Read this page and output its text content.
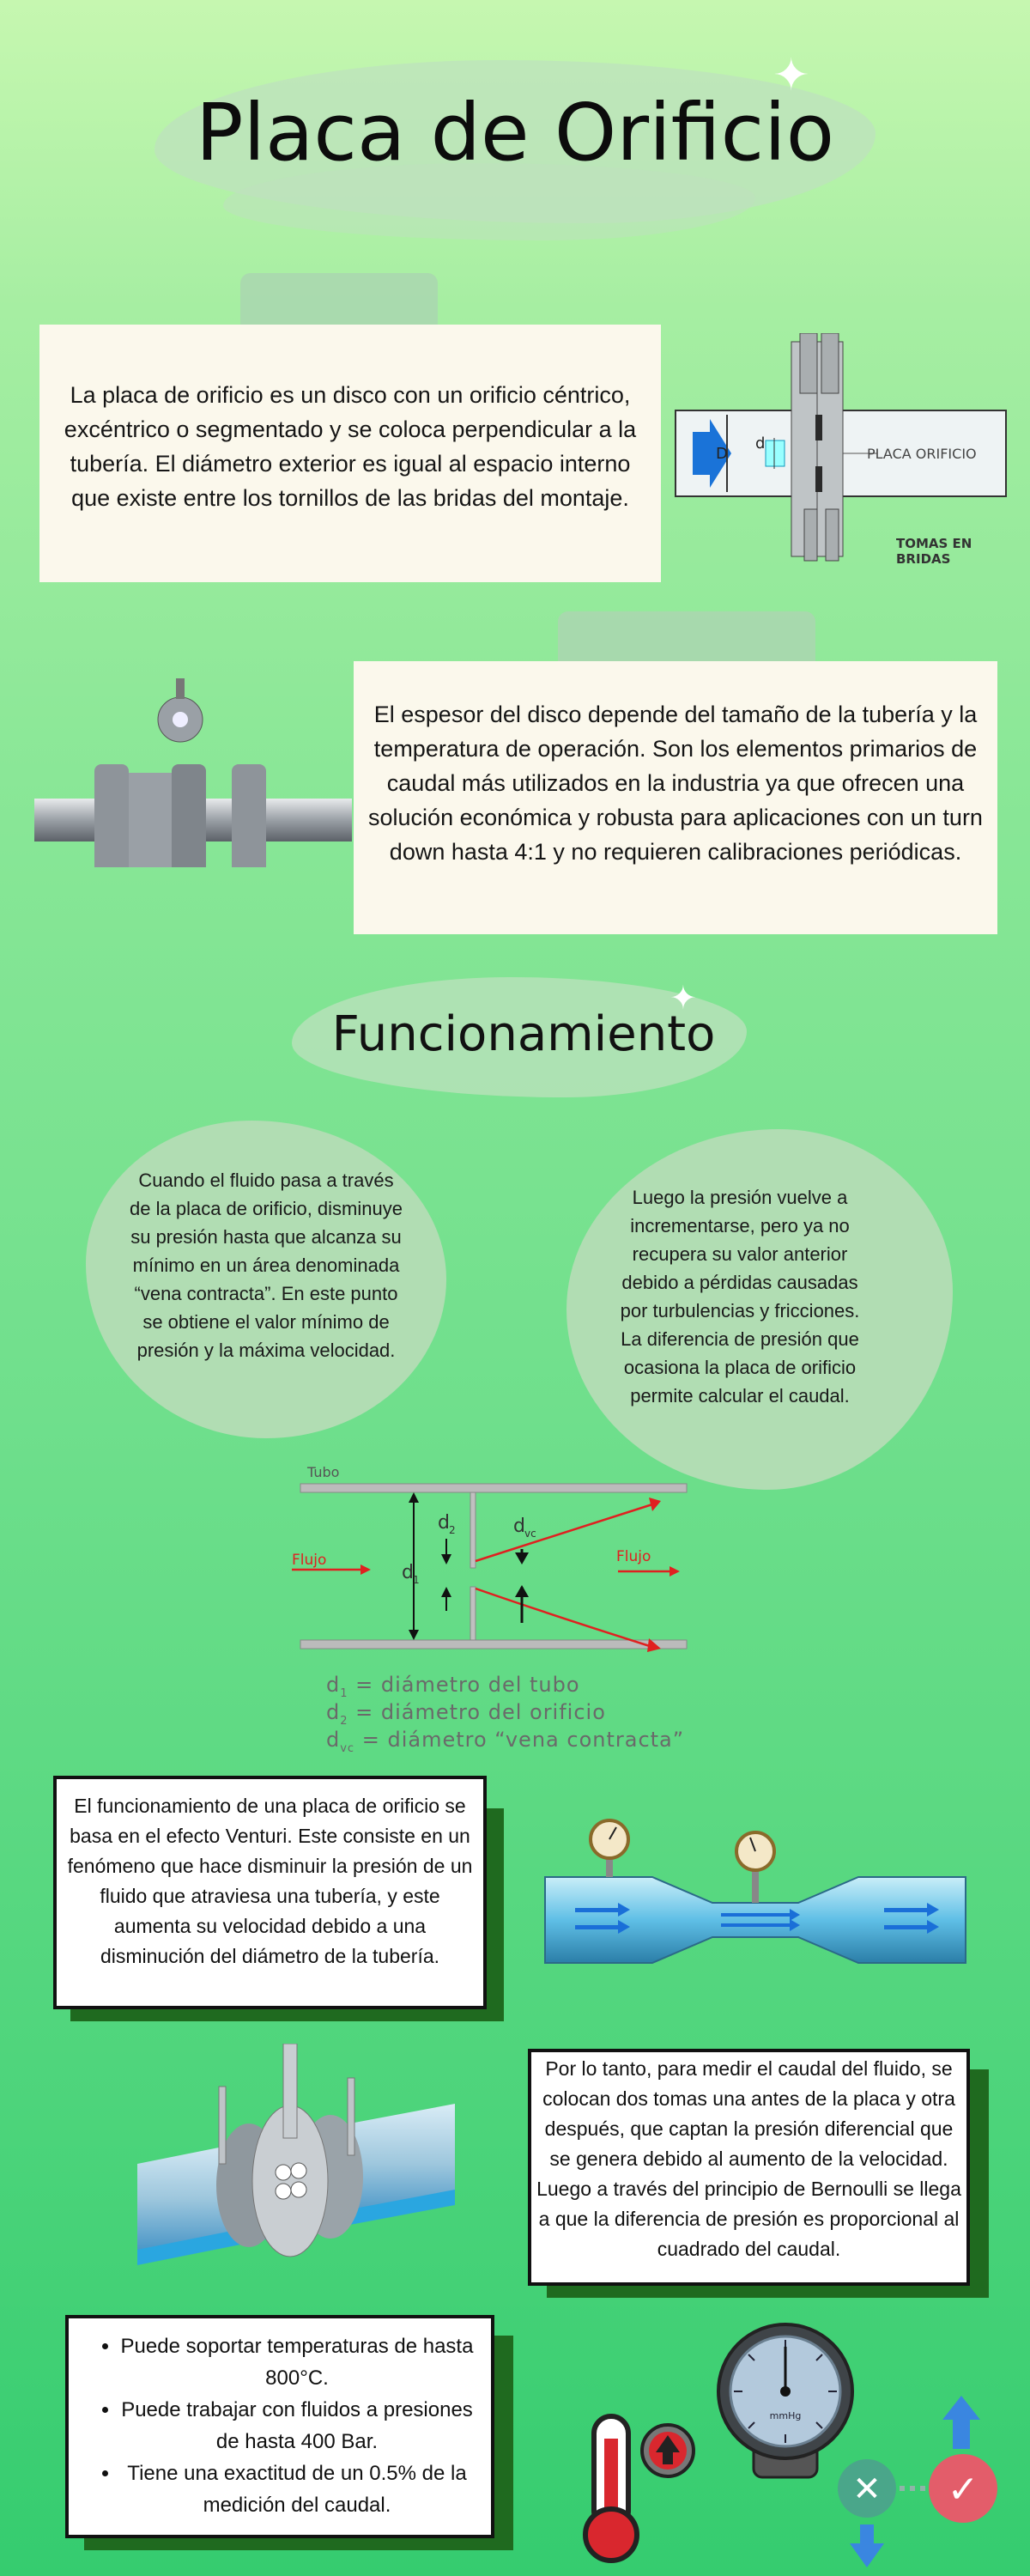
✦
Placa de Orificio
La placa de orificio es un disco con un orificio céntrico, excéntrico o segmentado y se coloca perpendicular a la tubería. El diámetro exterior es igual al espacio interno que existe entre los tornillos de las bridas del montaje.
D
d
PLACA ORIFICIO
TOMAS EN
BRIDAS
El espesor del disco depende del tamaño de la tubería y la temperatura de operación. Son los elementos primarios de caudal más utilizados en la industria ya que ofrecen una solución económica y robusta para aplicaciones con un turn down hasta 4:1 y no requieren calibraciones periódicas.
✦
Funcionamiento
Cuando el fluido pasa a través de la placa de orificio, disminuye su presión hasta que alcanza su mínimo en un área denominada “vena contracta”. En este punto se obtiene el valor mínimo de presión y la máxima velocidad.
Luego la presión vuelve a incrementarse, pero ya no recupera su valor anterior debido a pérdidas causadas por turbulencias y fricciones. La diferencia de presión que ocasiona la placa de orificio permite calcular el caudal.
Tubo
Flujo	Flujo
d 1
d 2	d vc
$d_1$ = diámetro del tubo
$d_2$ = diámetro del orificio
$d_{vc}$ = diámetro “vena contracta”
El funcionamiento de una placa de orificio se basa en el efecto Venturi. Este consiste en un fenómeno que hace disminuir la presión de un fluido que atraviesa una tubería, y este aumenta su velocidad debido a una disminución del diámetro de la tubería.
Por lo tanto, para medir el caudal del fluido, se colocan dos tomas una antes de la placa y otra después, que captan la presión diferencial que se genera debido al aumento de la velocidad. Luego a través del principio de Bernoulli se llega a que la diferencia de presión es proporcional al cuadrado del caudal.
• Puede soportar temperaturas de hasta 800°C.
• Puede trabajar con fluidos a presiones de hasta 400 Bar.
• Tiene una exactitud de un 0.5% de la medición del caudal.
mmHg
✕ ✓
